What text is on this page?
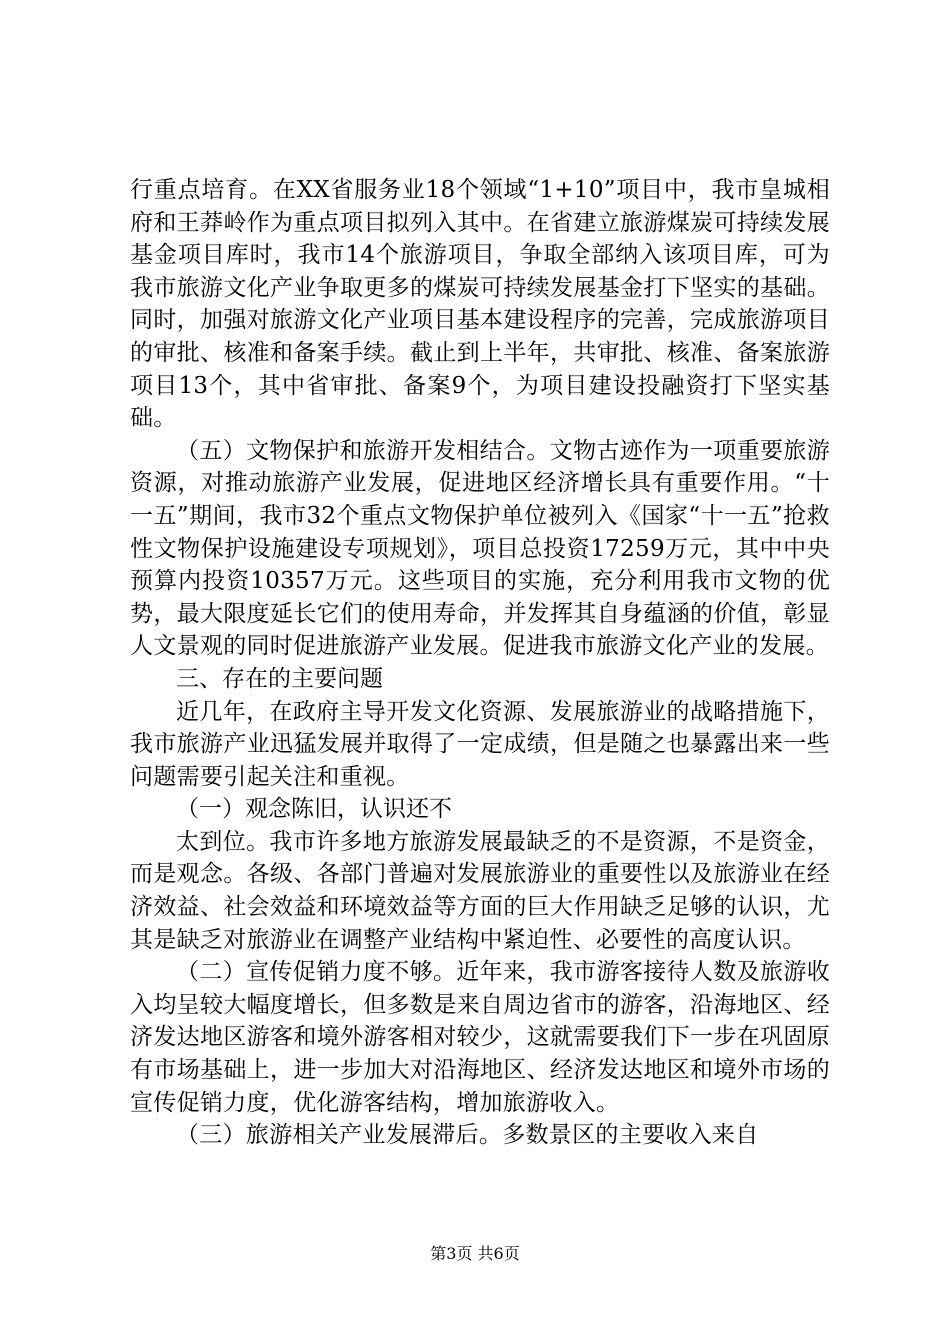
行重点培育。在XX省服务业18个领域“1+10”项目中，我市皇城相府和王莽岭作为重点项目拟列入其中。在省建立旅游煤炭可持续发展基金项目库时，我市14个旅游项目，争取全部纳入该项目库，可为我市旅游文化产业争取更多的煤炭可持续发展基金打下坚实的基础。同时，加强对旅游文化产业项目基本建设程序的完善，完成旅游项目的审批、核准和备案手续。截止到上半年，共审批、核准、备案旅游项目13个，其中省审批、备案9个，为项目建设投融资打下坚实基础。

（五）文物保护和旅游开发相结合。文物古迹作为一项重要旅游资源，对推动旅游产业发展，促进地区经济增长具有重要作用。“十一五”期间，我市32个重点文物保护单位被列入《国家“十一五”抢救性文物保护设施建设专项规划》，项目总投资17259万元，其中中央预算内投资10357万元。这些项目的实施，充分利用我市文物的优势，最大限度延长它们的使用寿命，并发挥其自身蕴涵的价值，彰显人文景观的同时促进旅游产业发展。促进我市旅游文化产业的发展。

三、存在的主要问题

近几年，在政府主导开发文化资源、发展旅游业的战略措施下，我市旅游产业迅猛发展并取得了一定成绩，但是随之也暴露出来一些问题需要引起关注和重视。

（一）观念陈旧，认识还不

太到位。我市许多地方旅游发展最缺乏的不是资源，不是资金，而是观念。各级、各部门普遍对发展旅游业的重要性以及旅游业在经济效益、社会效益和环境效益等方面的巨大作用缺乏足够的认识，尤其是缺乏对旅游业在调整产业结构中紧迫性、必要性的高度认识。

（二）宣传促销力度不够。近年来，我市游客接待人数及旅游收入均呈较大幅度增长，但多数是来自周边省市的游客，沿海地区、经济发达地区游客和境外游客相对较少，这就需要我们下一步在巩固原有市场基础上，进一步加大对沿海地区、经济发达地区和境外市场的宣传促销力度，优化游客结构，增加旅游收入。

（三）旅游相关产业发展滞后。多数景区的主要收入来自

第3页 共6页
